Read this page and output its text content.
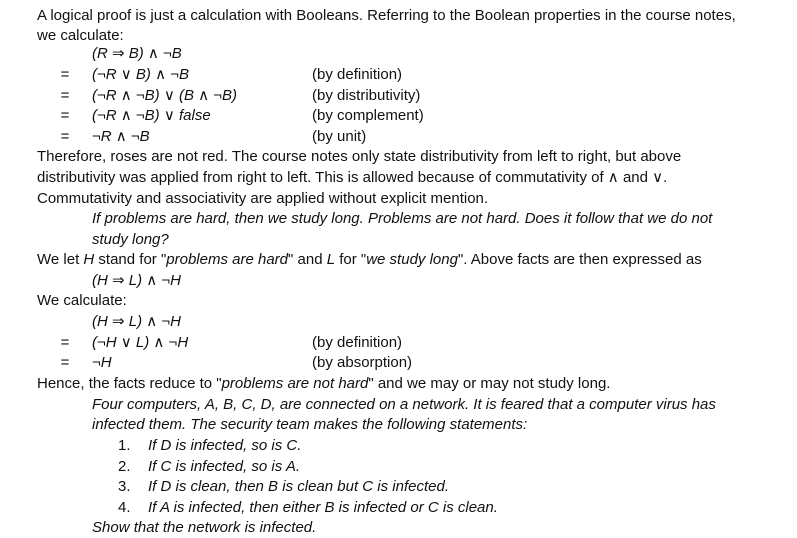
A logical proof is just a calculation with Booleans. Referring to the Boolean properties in the course notes,
we calculate:
(R ⇒ B) ∧ ¬B
= (¬R ∨ B) ∧ ¬B	(by definition)
= (¬R ∧ ¬B) ∨ (B ∧ ¬B)	(by distributivity)
= (¬R ∧ ¬B) ∨ false	(by complement)
= ¬R ∧ ¬B	(by unit)
Therefore, roses are not red. The course notes only state distributivity from left to right, but above
distributivity was applied from right to left. This is allowed because of commutativity of ∧ and ∨.
Commutativity and associativity are applied without explicit mention.
If problems are hard, then we study long. Problems are not hard. Does it follow that we do not
study long?
We let H stand for "problems are hard" and L for "we study long". Above facts are then expressed as
(H ⇒ L) ∧ ¬H
We calculate:
(H ⇒ L) ∧ ¬H
= (¬H ∨ L) ∧ ¬H	(by definition)
= ¬H	(by absorption)
Hence, the facts reduce to "problems are not hard" and we may or may not study long.
Four computers, A, B, C, D, are connected on a network. It is feared that a computer virus has
infected them. The security team makes the following statements:
1. If D is infected, so is C.
2. If C is infected, so is A.
3. If D is clean, then B is clean but C is infected.
4. If A is infected, then either B is infected or C is clean.
Show that the network is infected.
